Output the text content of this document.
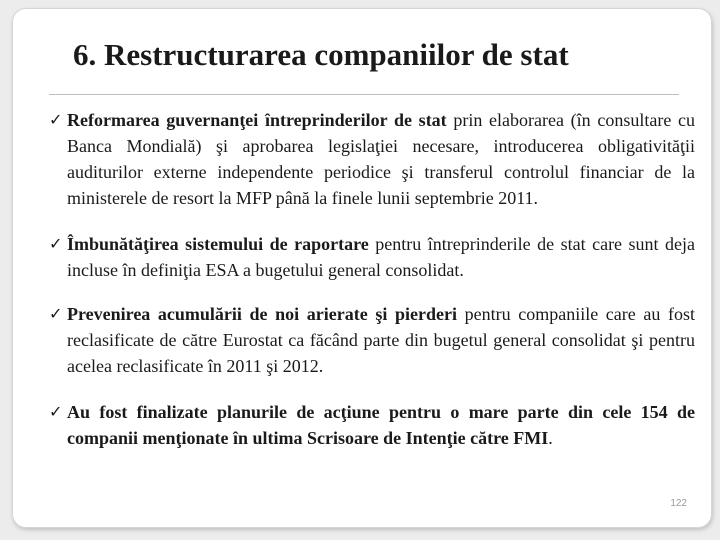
6. Restructurarea companiilor de stat
✓ Reformarea guvernanţei întreprinderilor de stat prin elaborarea (în consultare cu Banca Mondială) şi aprobarea legislaţiei necesare, introducerea obligativităţii auditurilor externe independente periodice şi transferul controlul financiar de la ministerele de resort la MFP până la finele lunii septembrie 2011.
✓ Îmbunătăţirea sistemului de raportare pentru întreprinderile de stat care sunt deja incluse în definiţia ESA a bugetului general consolidat.
✓ Prevenirea acumulării de noi arierate şi pierderi pentru companiile care au fost reclasificate de către Eurostat ca făcând parte din bugetul general consolidat şi pentru acelea reclasificate în 2011 şi 2012.
✓ Au fost finalizate planurile de acţiune pentru o mare parte din cele 154 de companii menţionate în ultima Scrisoare de Intenţie către FMI.
122
